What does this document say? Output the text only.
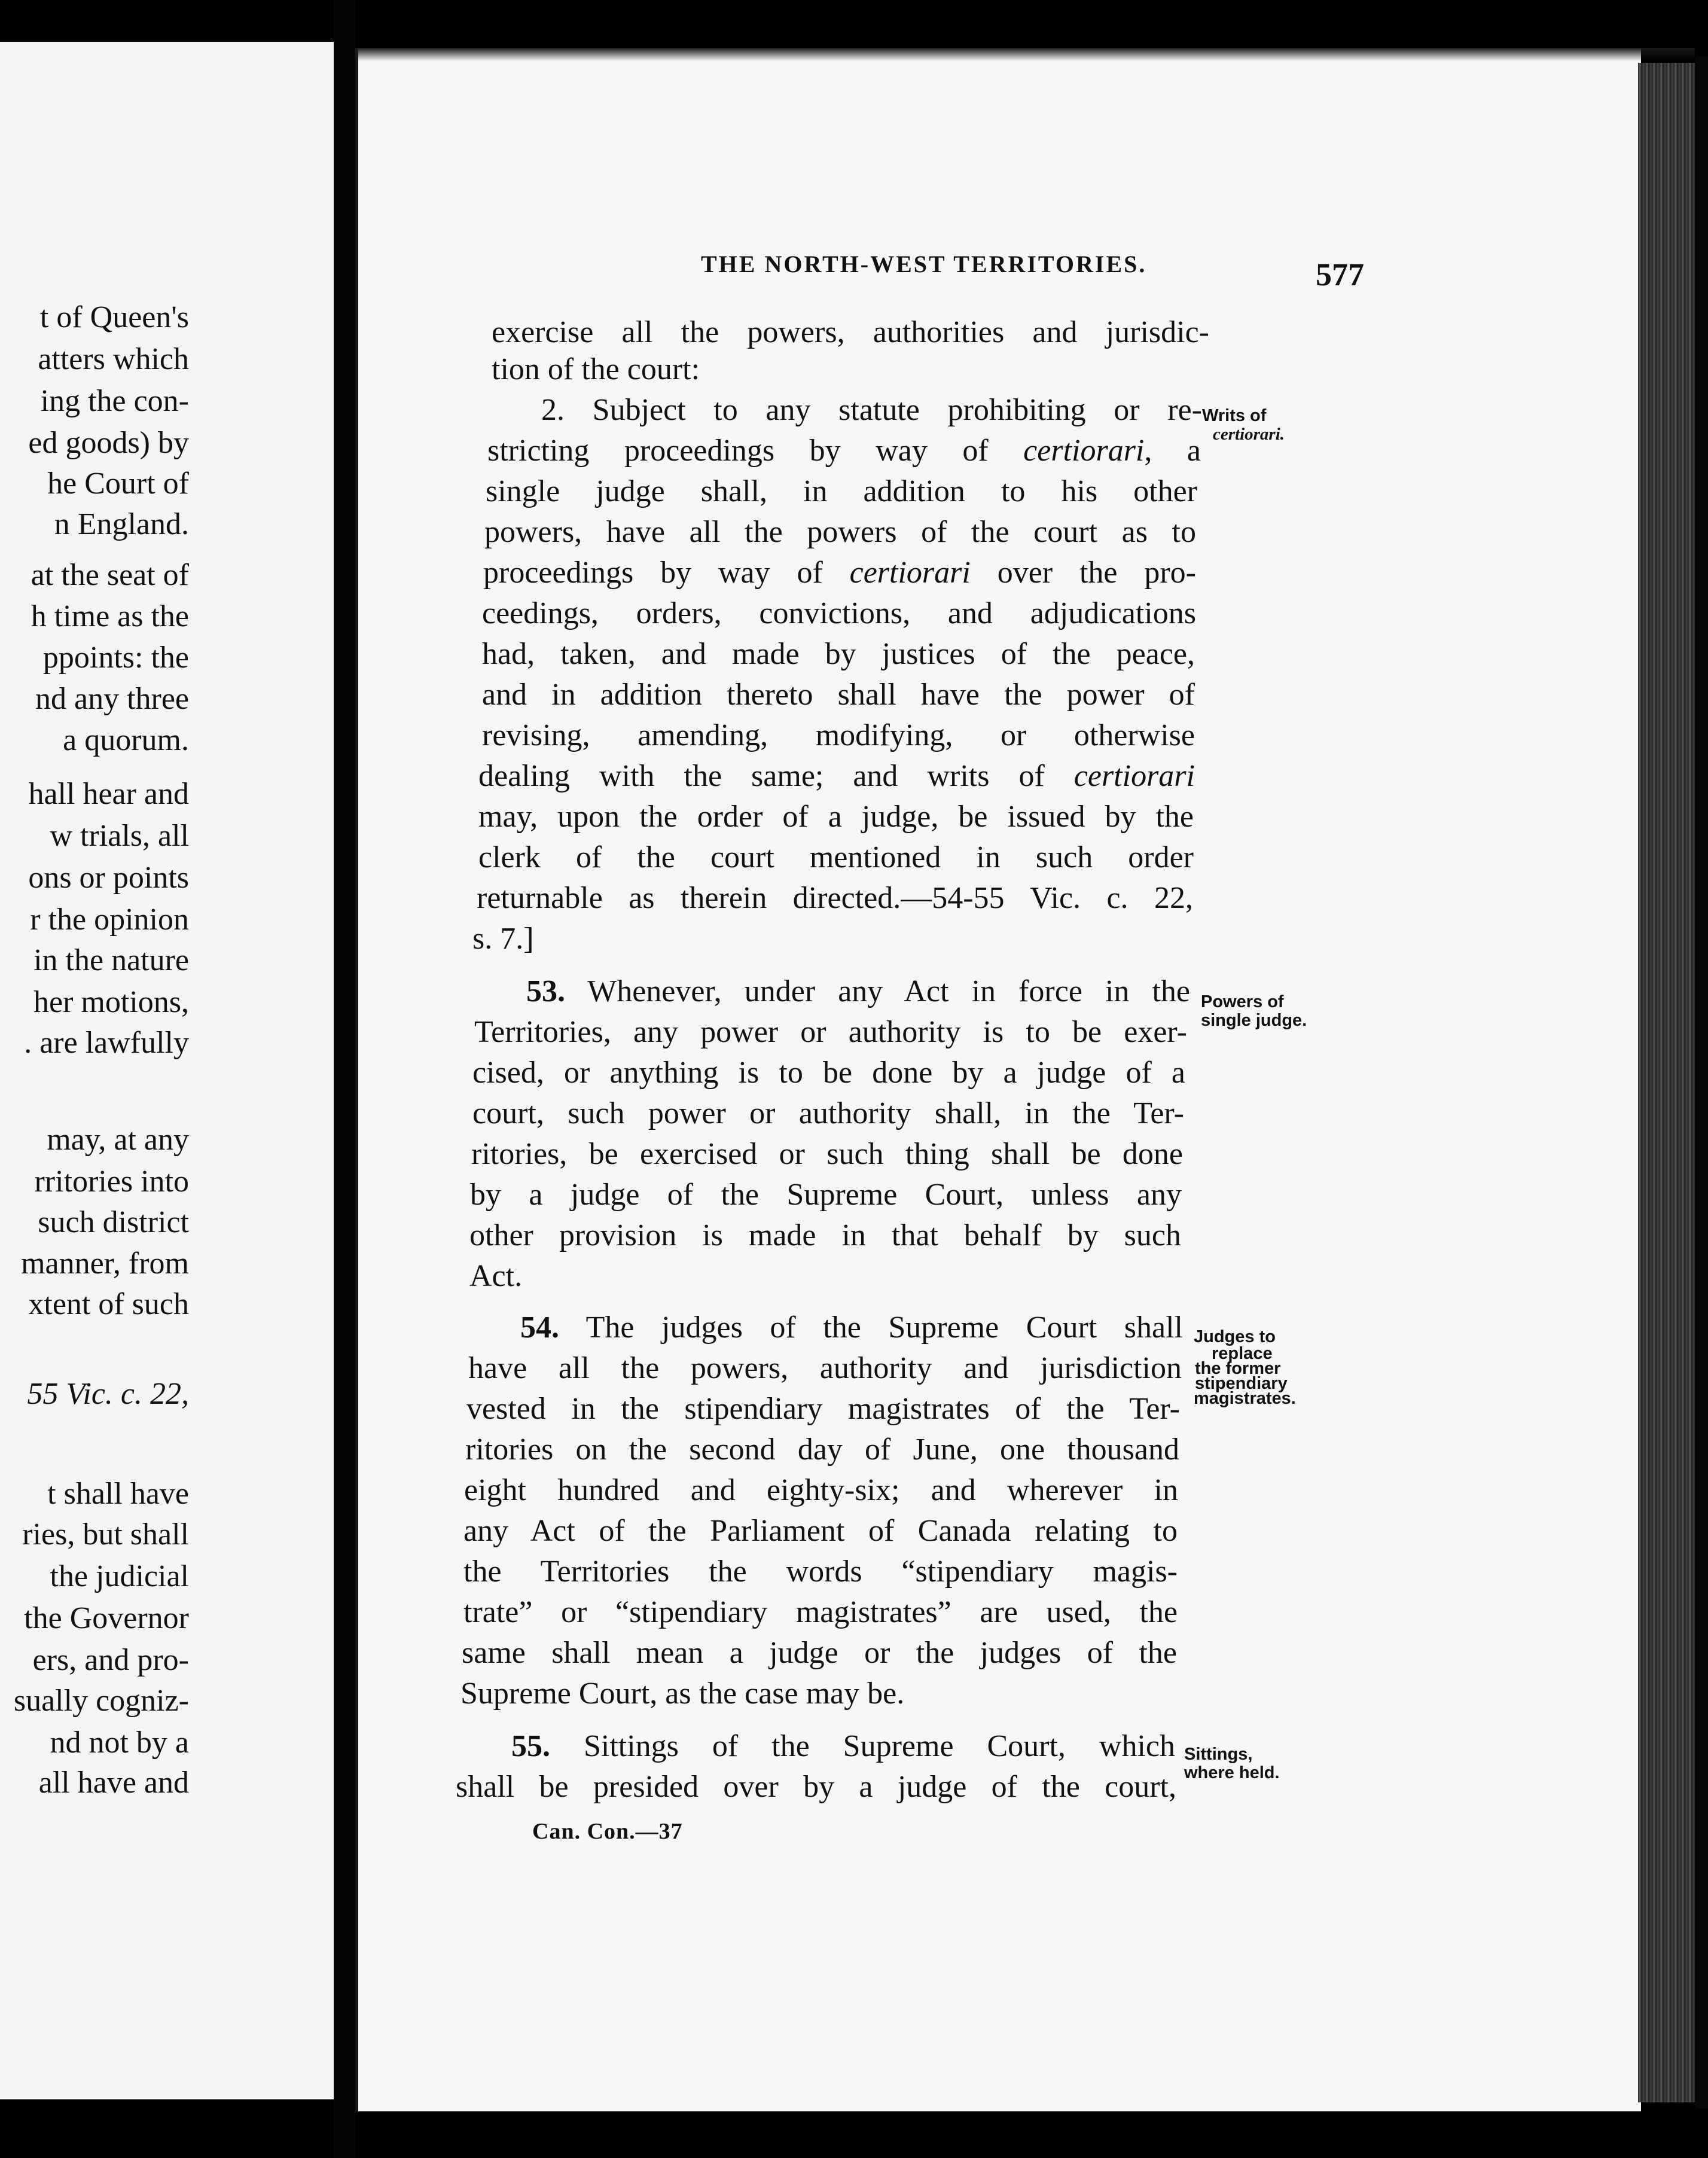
t of Queen's
atters which
ing the con-
ed goods) by
he Court of
n England.
at the seat of
h time as the
ppoints: the
nd any three
a quorum.
hall hear and
w trials, all
ons or points
r the opinion
in the nature
her motions,
. are lawfully
may, at any
rritories into
such district
manner, from
xtent of such
55 Vic. c. 22,
t shall have
ries, but shall
the judicial
the Governor
ers, and pro-
sually cogniz-
nd not by a
all have and
THE NORTH-WEST TERRITORIES.	577
exercise all the powers, authorities and jurisdic-
tion of the court:
2. Subject to any statute prohibiting or re-
stricting proceedings by way of certiorari, a
single judge shall, in addition to his other
powers, have all the powers of the court as to
proceedings by way of certiorari over the pro-
ceedings, orders, convictions, and adjudications
had, taken, and made by justices of the peace,
and in addition thereto shall have the power of
revising, amending, modifying, or otherwise
dealing with the same; and writs of certiorari
may, upon the order of a judge, be issued by the
clerk of the court mentioned in such order
returnable as therein directed.—54-55 Vic. c. 22,
s. 7.]
53. Whenever, under any Act in force in the
Territories, any power or authority is to be exer-
cised, or anything is to be done by a judge of a
court, such power or authority shall, in the Ter-
ritories, be exercised or such thing shall be done
by a judge of the Supreme Court, unless any
other provision is made in that behalf by such
Act.
54. The judges of the Supreme Court shall
have all the powers, authority and jurisdiction
vested in the stipendiary magistrates of the Ter-
ritories on the second day of June, one thousand
eight hundred and eighty-six; and wherever in
any Act of the Parliament of Canada relating to
the Territories the words “stipendiary magis-
trate” or “stipendiary magistrates” are used, the
same shall mean a judge or the judges of the
Supreme Court, as the case may be.
55. Sittings of the Supreme Court, which
shall be presided over by a judge of the court,
Writs of
certiorari.
Powers of
single judge.
Judges to
replace
the former
stipendiary
magistrates.
Sittings,
where held.
Can. Con.—37
